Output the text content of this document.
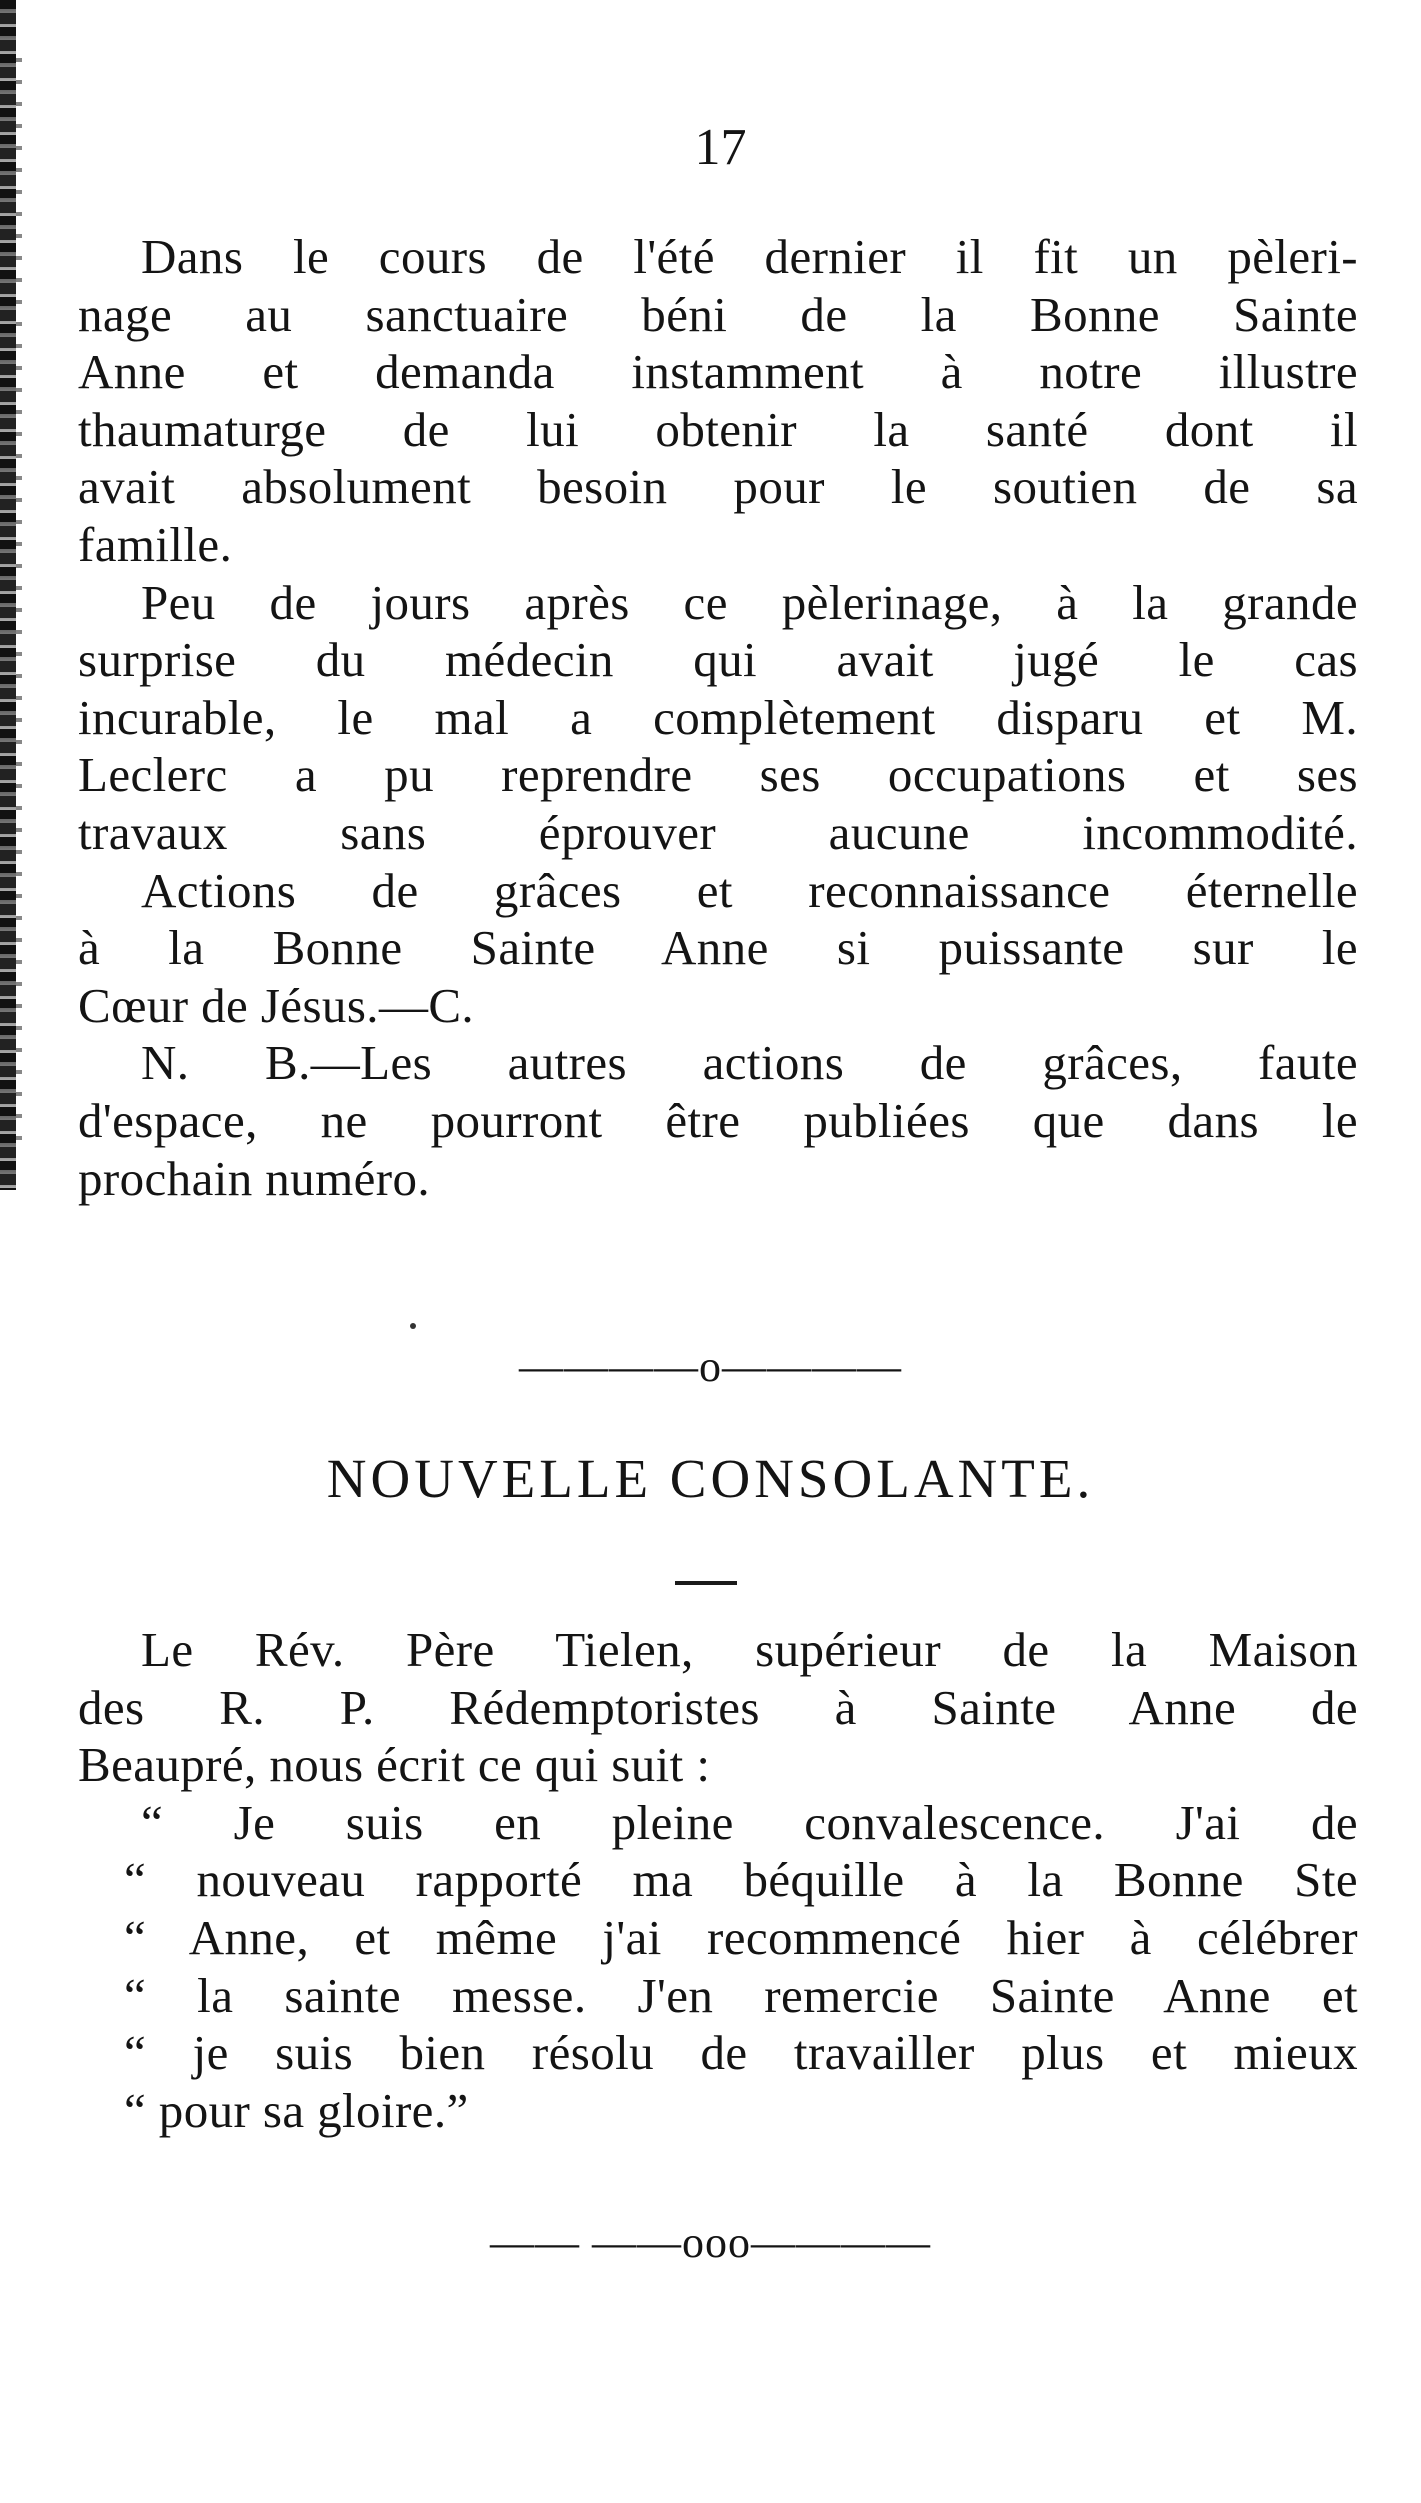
17
Dans le cours de l'été dernier il fit un pèleri-
nage au sanctuaire béni de la Bonne Sainte
Anne et demanda instamment à notre illustre
thaumaturge de lui obtenir la santé dont il
avait absolument besoin pour le soutien de sa
famille.
Peu de jours après ce pèlerinage, à la grande
surprise du médecin qui avait jugé le cas
incurable, le mal a complètement disparu et M.
Leclerc a pu reprendre ses occupations et ses
travaux sans éprouver aucune incommodité.
Actions de grâces et reconnaissance éternelle
à la Bonne Sainte Anne si puissante sur le
Cœur de Jésus.—C.
N. B.—Les autres actions de grâces, faute
d'espace, ne pourront être publiées que dans le
prochain numéro.
————o————
NOUVELLE CONSOLANTE.
Le Rév. Père Tielen, supérieur de la Maison
des R. P. Rédemptoristes à Sainte Anne de
Beaupré, nous écrit ce qui suit :
“ Je suis en pleine convalescence. J'ai de
“ nouveau rapporté ma béquille à la Bonne Ste
“ Anne, et même j'ai recommencé hier à célébrer
“ la sainte messe. J'en remercie Sainte Anne et
“ je suis bien résolu de travailler plus et mieux
“ pour sa gloire.”
—— ——ooo————
